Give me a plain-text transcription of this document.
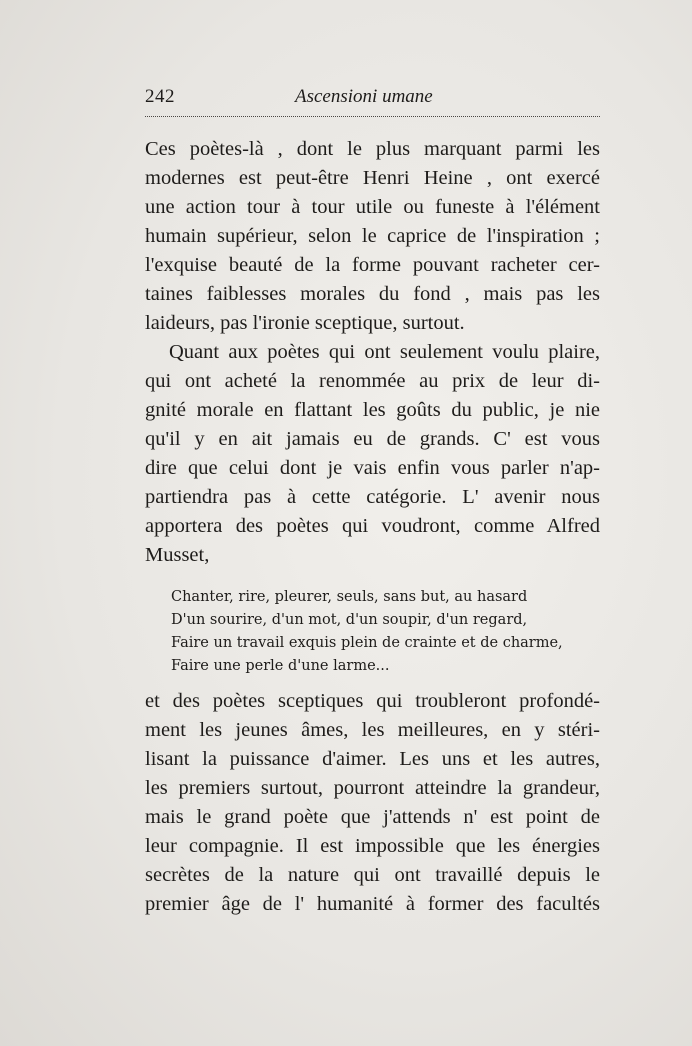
242	Ascensioni umane
Ces poètes-là , dont le plus marquant parmi les
modernes est peut-être Henri Heine , ont exercé
une action tour à tour utile ou funeste à l'élément
humain supérieur, selon le caprice de l'inspiration ;
l'exquise beauté de la forme pouvant racheter cer-
taines faiblesses morales du fond , mais pas les
laideurs, pas l'ironie sceptique, surtout.
Quant aux poètes qui ont seulement voulu plaire,
qui ont acheté la renommée au prix de leur di-
gnité morale en flattant les goûts du public, je nie
qu'il y en ait jamais eu de grands. C' est vous
dire que celui dont je vais enfin vous parler n'ap-
partiendra pas à cette catégorie. L' avenir nous
apportera des poètes qui voudront, comme Alfred
Musset,
Chanter, rire, pleurer, seuls, sans but, au hasard
D'un sourire, d'un mot, d'un soupir, d'un regard,
Faire un travail exquis plein de crainte et de charme,
Faire une perle d'une larme...
et des poètes sceptiques qui troubleront profondé-
ment les jeunes âmes, les meilleures, en y stéri-
lisant la puissance d'aimer. Les uns et les autres,
les premiers surtout, pourront atteindre la grandeur,
mais le grand poète que j'attends n' est point de
leur compagnie. Il est impossible que les énergies
secrètes de la nature qui ont travaillé depuis le
premier âge de l' humanité à former des facultés
